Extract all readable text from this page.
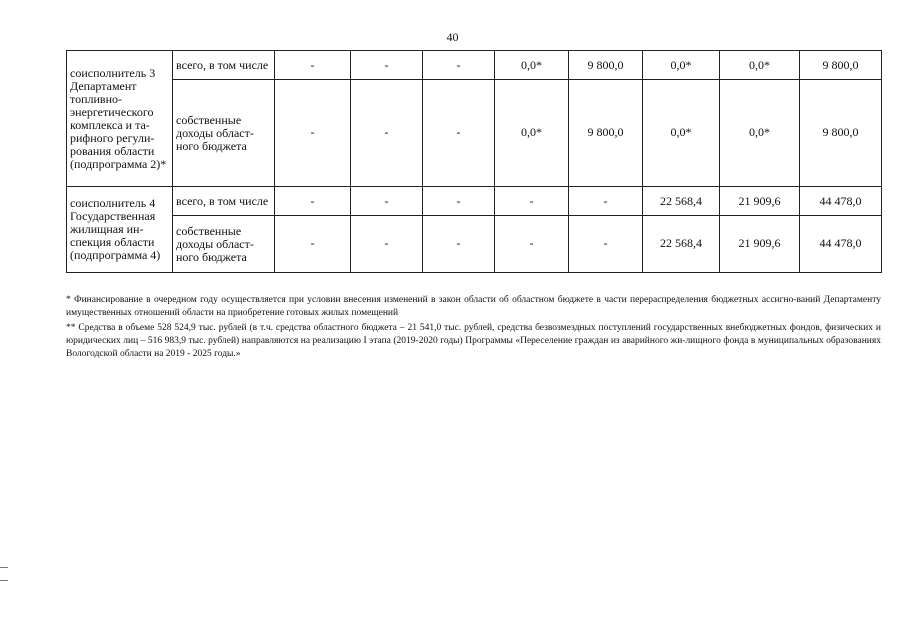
40
соисполнитель 3 Департамент топливно-энергетического комплекса и та-рифного регули-рования области (подпрограмма 2)*	всего, в том числе	-	-	-	0,0*	9 800,0	0,0*	0,0*	9 800,0
	собственные доходы област-ного бюджета	-	-	-	0,0*	9 800,0	0,0*	0,0*	9 800,0
соисполнитель 4 Государственная жилищная ин-спекция области (подпрограмма 4)	всего, в том числе	-	-	-	-	-	22 568,4	21 909,6	44 478,0
	собственные доходы област-ного бюджета	-	-	-	-	-	22 568,4	21 909,6	44 478,0

* Финансирование в очередном году осуществляется при условии внесения изменений в закон области об областном бюджете в части перераспределения бюджетных ассигно-ваний Департаменту имущественных отношений области на приобретение готовых жилых помещений

** Средства в объеме 528 524,9 тыс. рублей (в т.ч. средства областного бюджета – 21 541,0 тыс. рублей, средства безвозмездных поступлений государственных внебюджетных фондов, физических и юридических лиц – 516 983,9 тыс. рублей) направляются на реализацию I этапа (2019-2020 годы) Программы «Переселение граждан из аварийного жи-лищного фонда в муниципальных образованиях Вологодской области на 2019 - 2025 годы.»
